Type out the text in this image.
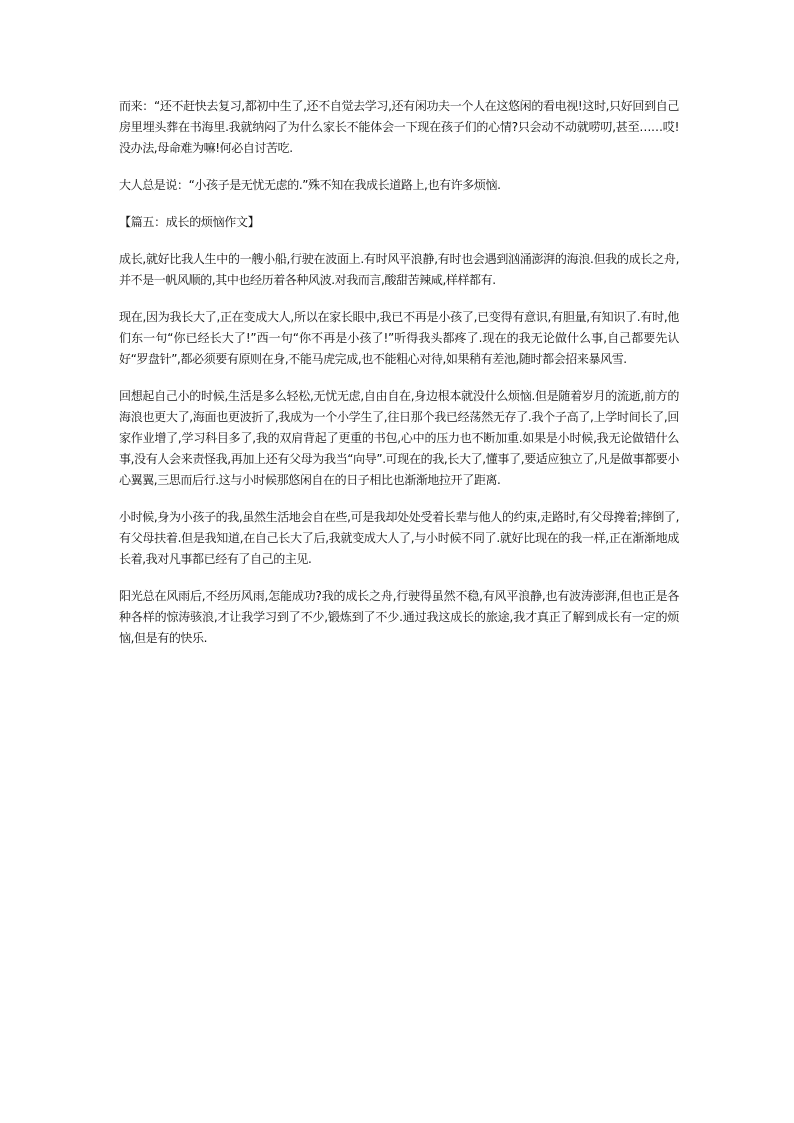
而来：“还不赶快去复习,都初中生了,还不自觉去学习,还有闲功夫一个人在这悠闲的看电视!这时,只好回到自己房里埋头葬在书海里.我就纳闷了为什么家长不能体会一下现在孩子们的心情?只会动不动就唠叨,甚至……哎!没办法,母命难为嘛!何必自讨苦吃.

大人总是说：“小孩子是无忧无虑的.”殊不知在我成长道路上,也有许多烦恼.

【篇五：成长的烦恼作文】

成长,就好比我人生中的一艘小船,行驶在波面上.有时风平浪静,有时也会遇到汹涌澎湃的海浪.但我的成长之舟,并不是一帆风顺的,其中也经历着各种风波.对我而言,酸甜苦辣咸,样样都有.

现在,因为我长大了,正在变成大人,所以在家长眼中,我已不再是小孩了,已变得有意识,有胆量,有知识了.有时,他们东一句“你已经长大了!”西一句“你不再是小孩了!”听得我头都疼了.现在的我无论做什么事,自己都要先认好“罗盘针”,都必须要有原则在身,不能马虎完成,也不能粗心对待,如果稍有差池,随时都会招来暴风雪.

回想起自己小的时候,生活是多么轻松,无忧无虑,自由自在,身边根本就没什么烦恼.但是随着岁月的流逝,前方的海浪也更大了,海面也更波折了,我成为一个小学生了,往日那个我已经荡然无存了.我个子高了,上学时间长了,回家作业增了,学习科目多了,我的双肩背起了更重的书包,心中的压力也不断加重.如果是小时候,我无论做错什么事,没有人会来责怪我,再加上还有父母为我当“向导”.可现在的我,长大了,懂事了,要适应独立了,凡是做事都要小心翼翼,三思而后行.这与小时候那悠闲自在的日子相比也渐渐地拉开了距离.

小时候,身为小孩子的我,虽然生活地会自在些,可是我却处处受着长辈与他人的约束,走路时,有父母搀着;摔倒了,有父母扶着.但是我知道,在自己长大了后,我就变成大人了,与小时候不同了.就好比现在的我一样,正在渐渐地成长着,我对凡事都已经有了自己的主见.

阳光总在风雨后,不经历风雨,怎能成功?我的成长之舟,行驶得虽然不稳,有风平浪静,也有波涛澎湃,但也正是各种各样的惊涛骇浪,才让我学习到了不少,锻炼到了不少.通过我这成长的旅途,我才真正了解到成长有一定的烦恼,但是有的快乐.
